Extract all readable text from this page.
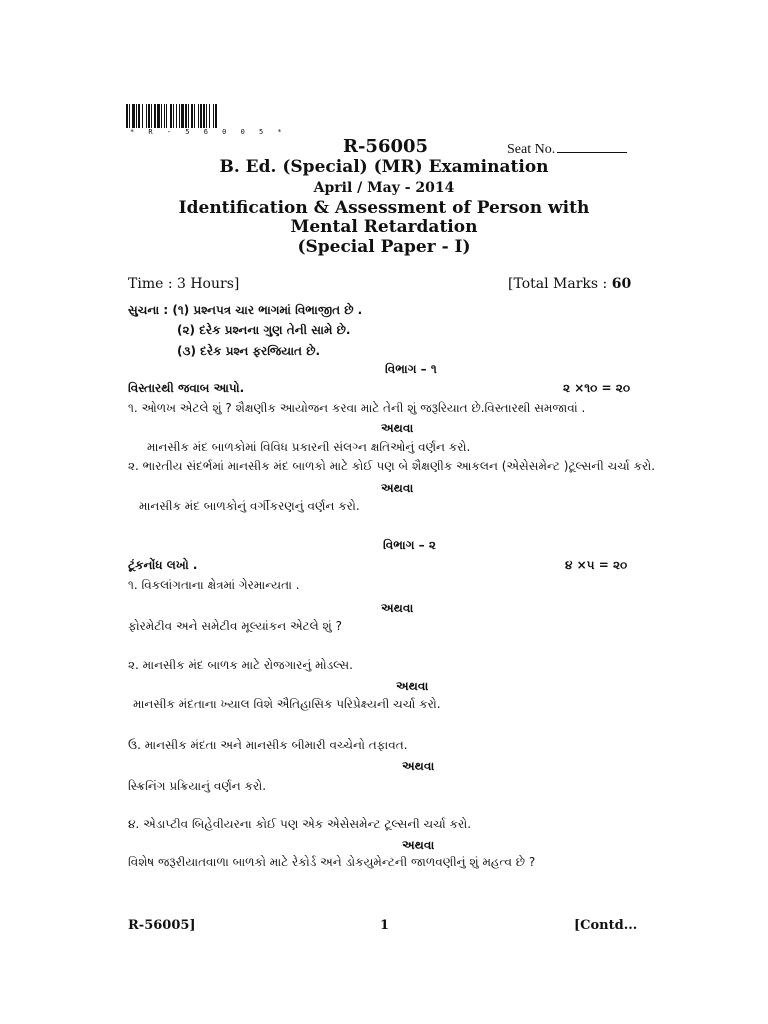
* R - 5 6 0 0 5 *
R-56005	Seat No.
B. Ed. (Special) (MR) Examination
April / May - 2014
Identification & Assessment of Person with
Mental Retardation
(Special Paper - I)
Time : 3 Hours]	[Total Marks : 60
સુચના : (૧) પ્રશ્નપત્ર ચાર ભાગમાં વિભાજીત છે .
(૨) દરેક પ્રશ્નના ગુણ તેની સામે છે.
(૩) દરેક પ્રશ્ન ફરજિયાત છે.
વિભાગ – ૧
વિસ્તારથી જવાબ આપો.	૨ ×૧૦ = ૨૦
૧. ઓળખ એટલે શું ? શૈક્ષણીક આયોજન કરવા માટે તેની શું જરૂરિયાત છે.વિસ્તારથી સમજાવાં .
અથવા
માનસીક મંદ બાળકોમાં વિવિધ પ્રકારની સંલગ્ન ક્ષતિઓનું વર્ણન કરો.
૨. ભારતીય સંદર્ભમાં માનસીક મંદ બાળકો માટે કોઈ પણ બે શૈક્ષણીક આકલન (એસેસમેન્ટ )ટૂલ્સની ચર્ચા કરો.
અથવા
માનસીક મંદ બાળકોનું વર્ગીકરણનું વર્ણન કરો.
વિભાગ – ૨
ટૂંકનોંધ લખો .	૪ ×૫ = ૨૦
૧. વિકલાંગતાના ક્ષેત્રમાં ગેરમાન્યતા .
અથવા
ફોરમેટીવ અને સમેટીવ મૂલ્યાંકન એટલે શું ?
૨. માનસીક મંદ બાળક માટે રોજગારનું મોડલ્સ.
અથવા
માનસીક મંદતાના ખ્યાલ વિશે ઐતિહાસિક પરિપ્રેક્ષ્યની ચર્ચા કરો.
ઉ. માનસીક મંદતા અને માનસીક બીમારી વચ્ચેનો તફાવત.
અથવા
સ્ક્રિનિંગ પ્રક્રિયાનું વર્ણન કરો.
૪. એડાપ્ટીવ બિહેવીયરના કોઈ પણ એક એસેસમેન્ટ ટૂલ્સની ચર્ચા કરો.
અથવા
વિશેષ જરૂરીયાતવાળા બાળકો માટે રેકોર્ડ અને ડોકયુમેન્ટની જાળવણીનું શું મહત્વ છે ?
R-56005]	1	[Contd...
